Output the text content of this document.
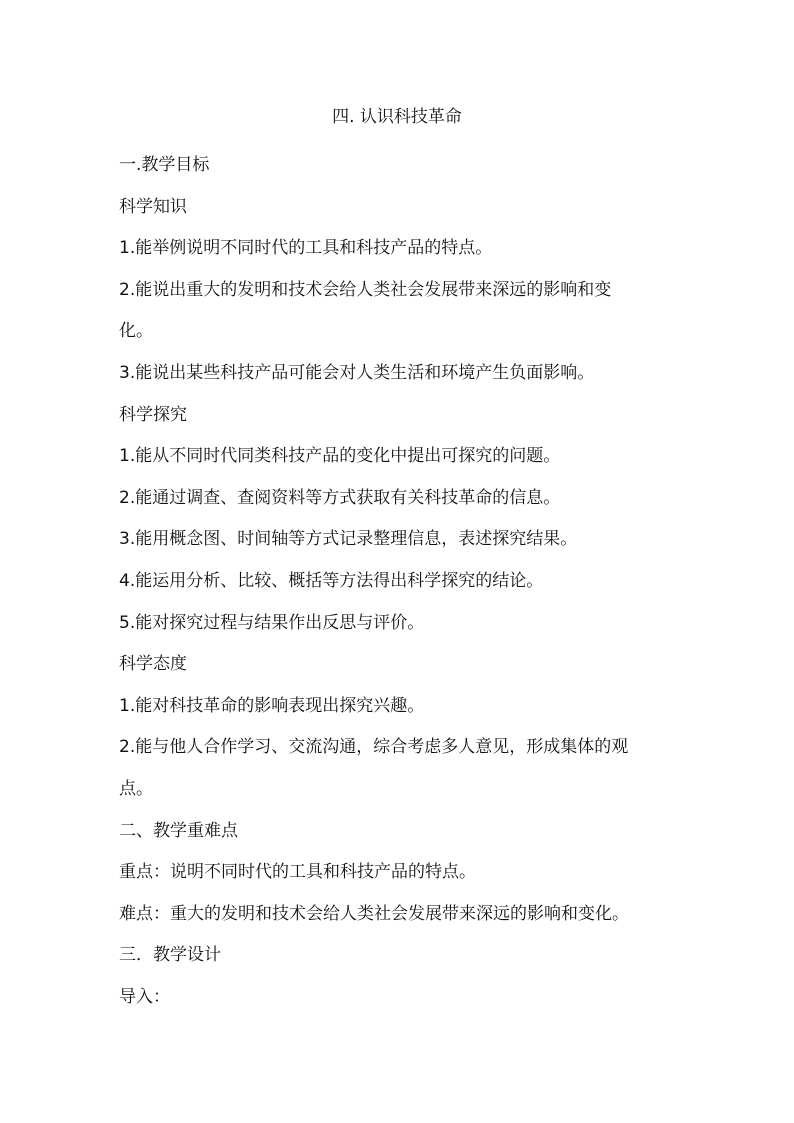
四. 认识科技革命

一.教学目标

科学知识

1.能举例说明不同时代的工具和科技产品的特点。

2.能说出重大的发明和技术会给人类社会发展带来深远的影响和变

化。

3.能说出某些科技产品可能会对人类生活和环境产生负面影响。

科学探究

1.能从不同时代同类科技产品的变化中提出可探究的问题。

2.能通过调查、查阅资料等方式获取有关科技革命的信息。

3.能用概念图、时间轴等方式记录整理信息，表述探究结果。

4.能运用分析、比较、概括等方法得出科学探究的结论。

5.能对探究过程与结果作出反思与评价。

科学态度

1.能对科技革命的影响表现出探究兴趣。

2.能与他人合作学习、交流沟通，综合考虑多人意见，形成集体的观

点。

二、教学重难点

重点：说明不同时代的工具和科技产品的特点。

难点：重大的发明和技术会给人类社会发展带来深远的影响和变化。

三．教学设计

导入：
